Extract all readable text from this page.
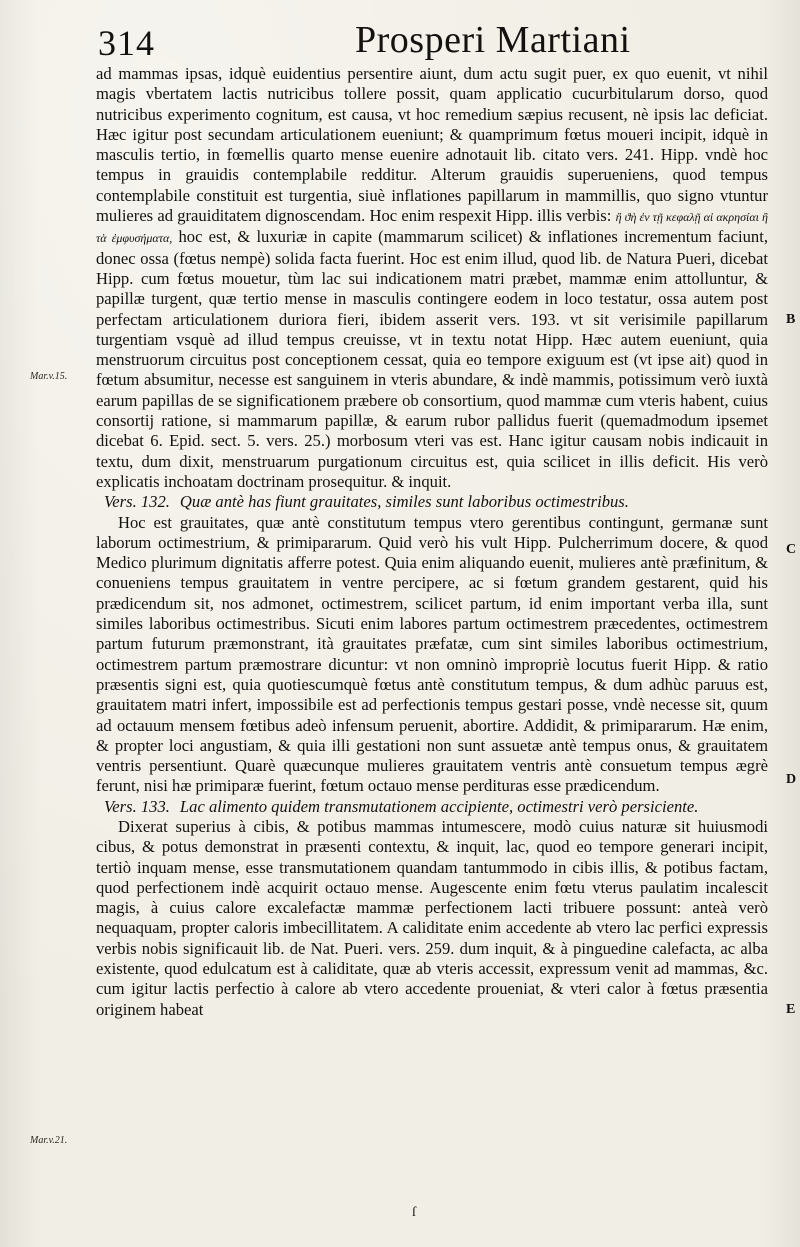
314	Prosperi Martiani

ad mammas ipsas, idquè euidentius persentire aiunt, dum actu sugit puer, ex quo euenit, vt nihil magis vbertatem lactis nutricibus tollere possit, quam applicatio cucurbitularum dorso, quod nutricibus experimento cognitum, est causa, vt hoc remedium sæpius recusent, nè ipsis lac deficiat. Hæc igitur post secundam articulationem eueniunt; & quamprimum fœtus moueri incipit, idquè in masculis tertio, in fœmellis quarto mense euenire adnotauit lib. citato vers. 241. Hipp. vndè hoc tempus in grauidis contemplabile redditur. Alterum grauidis superueniens, quod tempus contemplabile constituit est turgentia, siuè inflationes papillarum in mammillis, quo signo vtuntur mulieres ad grauiditatem dignoscendam. Hoc enim respexit Hipp. illis verbis: ἢ ϑὴ ἐν τῇ κεφαλῇ αἱ ακρησίαι ἢ τὰ ἐμφυσήματα, hoc est, & luxuriæ in capite (mammarum scilicet) & inflationes incrementum faciunt, donec ossa (fœtus nempè) solida facta fuerint. Hoc est enim illud, quod lib. de Natura Pueri, dicebat Hipp. cum fœtus mouetur, tùm lac sui indicationem matri præbet, mammæ enim attolluntur, & papillæ turgent, quæ tertio mense in masculis contingere eodem in loco testatur, ossa autem post perfectam articulationem duriora fieri, ibidem asserit vers. 193. vt sit verisimile papillarum turgentiam vsquè ad illud tempus creuisse, vt in textu notat Hipp. Hæc autem eueniunt, quia menstruorum circuitus post conceptionem cessat, quia eo tempore exiguum est (vt ipse ait) quod in fœtum absumitur, necesse est sanguinem in vteris abundare, & indè mammis, potissimum verò iuxtà earum papillas de se significationem præbere ob consortium, quod mammæ cum vteris habent, cuius consortij ratione, si mammarum papillæ, & earum rubor pallidus fuerit (quemadmodum ipsemet dicebat 6. Epid. sect. 5. vers. 25.) morbosum vteri vas est. Hanc igitur causam nobis indicauit in textu, dum dixit, menstruarum purgationum circuitus est, quia scilicet in illis deficit. His verò explicatis inchoatam doctrinam prosequitur. & inquit.

Vers. 132. Quæ antè has fiunt grauitates, similes sunt laboribus octimestribus.

Hoc est grauitates, quæ antè constitutum tempus vtero gerentibus contingunt, germanæ sunt laborum octimestrium, & primipararum. Quid verò his vult Hipp. Pulcherrimum docere, & quod Medico plurimum dignitatis afferre potest. Quia enim aliquando euenit, mulieres antè præfinitum, & conueniens tempus grauitatem in ventre percipere, ac si fœtum grandem gestarent, quid his prædicendum sit, nos admonet, octimestrem, scilicet partum, id enim important verba illa, sunt similes laboribus octimestribus. Sicuti enim labores partum octimestrem præcedentes, octimestrem partum futurum præmonstrant, ità grauitates præfatæ, cum sint similes laboribus octimestrium, octimestrem partum præmostrare dicuntur: vt non omninò impropriè locutus fuerit Hipp. & ratio præsentis signi est, quia quotiescumquè fœtus antè constitutum tempus, & dum adhùc paruus est, grauitatem matri infert, impossibile est ad perfectionis tempus gestari posse, vndè necesse sit, quum ad octauum mensem fœtibus adeò infensum peruenit, abortire. Addidit, & primipararum. Hæ enim, & propter loci angustiam, & quia illi gestationi non sunt assuetæ antè tempus onus, & grauitatem ventris persentiunt. Quarè quæcunque mulieres grauitatem ventris antè consuetum tempus ægrè ferunt, nisi hæ primiparæ fuerint, fœtum octauo mense perdituras esse prædicendum.

Vers. 133. Lac alimento quidem transmutationem accipiente, octimestri verò persiciente.

Dixerat superius à cibis, & potibus mammas intumescere, modò cuius naturæ sit huiusmodi cibus, & potus demonstrat in præsenti contextu, & inquit, lac, quod eo tempore generari incipit, tertiò inquam mense, esse transmutationem quandam tantummodo in cibis illis, & potibus factam, quod perfectionem indè acquirit octauo mense. Augescente enim fœtu vterus paulatim incalescit magis, à cuius calore excalefactæ mammæ perfectionem lacti tribuere possunt: anteà verò nequaquam, propter caloris imbecillitatem. A caliditate enim accedente ab vtero lac perfici expressis verbis nobis significauit lib. de Nat. Pueri. vers. 259. dum inquit, & à pinguedine calefacta, ac alba existente, quod edulcatum est à caliditate, quæ ab vteris accessit, expressum venit ad mammas, &c. cum igitur lactis perfectio à calore ab vtero accedente proueniat, & vteri calor à fœtus præsentia originem habeat

Mar.v.15.
Mar.v.21.
B
C
D
E
ſ
